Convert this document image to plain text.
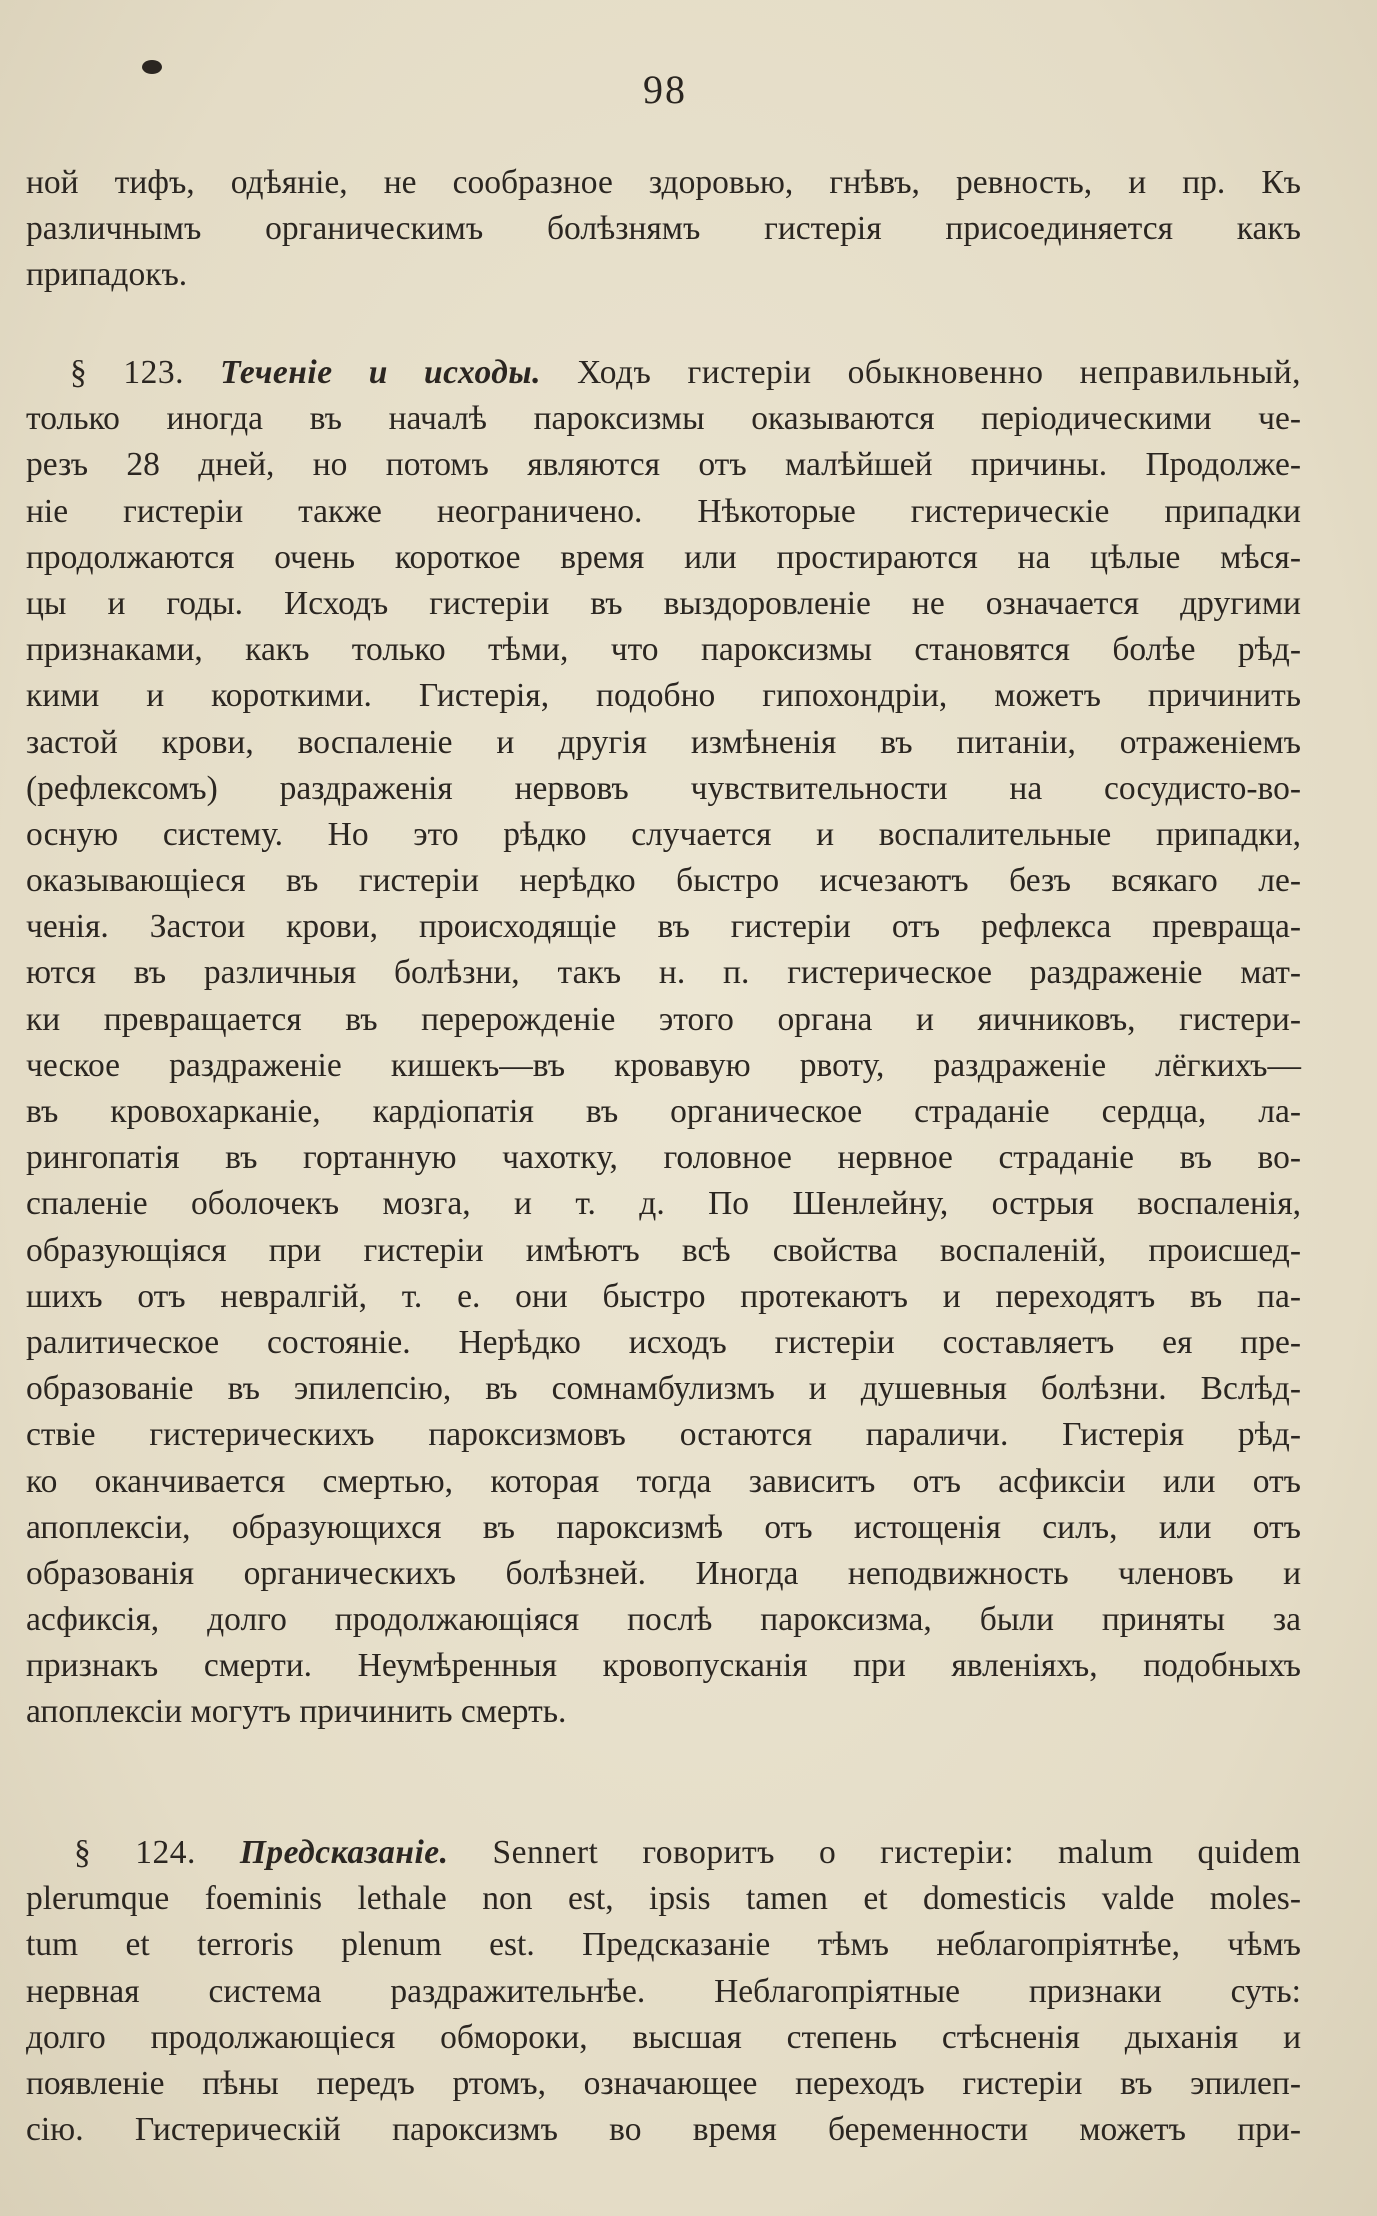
98
ной тифъ, одѣяніе, не сообразное здоровью, гнѣвъ, ревность, и пр. Къ
различнымъ органическимъ болѣзнямъ гистерія присоединяется какъ
припадокъ.
§ 123. Теченіе и исходы. Ходъ гистеріи обыкновенно неправильный,
только иногда въ началѣ пароксизмы оказываются періодическими че-
резъ 28 дней, но потомъ являются отъ малѣйшей причины. Продолже-
ніе гистеріи также неограничено. Нѣкоторые гистерическіе припадки
продолжаются очень короткое время или простираются на цѣлые мѣся-
цы и годы. Исходъ гистеріи въ выздоровленіе не означается другими
признаками, какъ только тѣми, что пароксизмы становятся болѣе рѣд-
кими и короткими. Гистерія, подобно гипохондріи, можетъ причинить
застой крови, воспаленіе и другія измѣненія въ питаніи, отраженіемъ
(рефлексомъ) раздраженія нервовъ чувствительности на сосудисто-во-
осную систему. Но это рѣдко случается и воспалительные припадки,
оказывающіеся въ гистеріи нерѣдко быстро исчезаютъ безъ всякаго ле-
ченія. Застои крови, происходящіе въ гистеріи отъ рефлекса превраща-
ются въ различныя болѣзни, такъ н. п. гистерическое раздраженіе мат-
ки превращается въ перерожденіе этого органа и яичниковъ, гистери-
ческое раздраженіе кишекъ—въ кровавую рвоту, раздраженіе лёгкихъ—
въ кровохарканіе, кардіопатія въ органическое страданіе сердца, ла-
рингопатія въ гортанную чахотку, головное нервное страданіе въ во-
спаленіе оболочекъ мозга, и т. д. По Шенлейну, острыя воспаленія,
образующіяся при гистеріи имѣютъ всѣ свойства воспаленій, происшед-
шихъ отъ невралгій, т. е. они быстро протекаютъ и переходятъ въ па-
ралитическое состояніе. Нерѣдко исходъ гистеріи составляетъ ея пре-
образованіе въ эпилепсію, въ сомнамбулизмъ и душевныя болѣзни. Вслѣд-
ствіе гистерическихъ пароксизмовъ остаются параличи. Гистерія рѣд-
ко оканчивается смертью, которая тогда зависитъ отъ асфиксіи или отъ
апоплексіи, образующихся въ пароксизмѣ отъ истощенія силъ, или отъ
образованія органическихъ болѣзней. Иногда неподвижность членовъ и
асфиксія, долго продолжающіяся послѣ пароксизма, были приняты за
признакъ смерти. Неумѣренныя кровопусканія при явленіяхъ, подобныхъ
апоплексіи могутъ причинить смерть.
§ 124. Предсказаніе. Sennert говоритъ о гистеріи: malum quidem
plerumque foeminis lethale non est, ipsis tamen et domesticis valde moles-
tum et terroris plenum est. Предсказаніе тѣмъ неблагопріятнѣе, чѣмъ
нервная система раздражительнѣе. Неблагопріятные признаки суть:
долго продолжающіеся обмороки, высшая степень стѣсненія дыханія и
появленіе пѣны передъ ртомъ, означающее переходъ гистеріи въ эпилеп-
сію. Гистерическій пароксизмъ во время беременности можетъ при-
